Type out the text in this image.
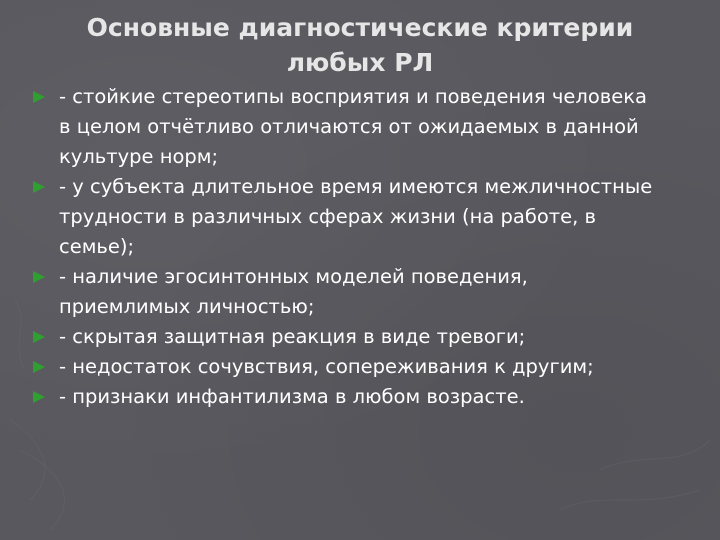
Основные диагностические критерии
любых РЛ
- стойкие стереотипы восприятия и поведения человека
в целом отчётливо отличаются от ожидаемых в данной
культуре норм;
- у субъекта длительное время имеются межличностные
трудности в различных сферах жизни (на работе, в
семье);
- наличие эгосинтонных моделей поведения,
приемлимых личностью;
- скрытая защитная реакция в виде тревоги;
- недостаток сочувствия, сопереживания к другим;
- признаки инфантилизма в любом возрасте.
